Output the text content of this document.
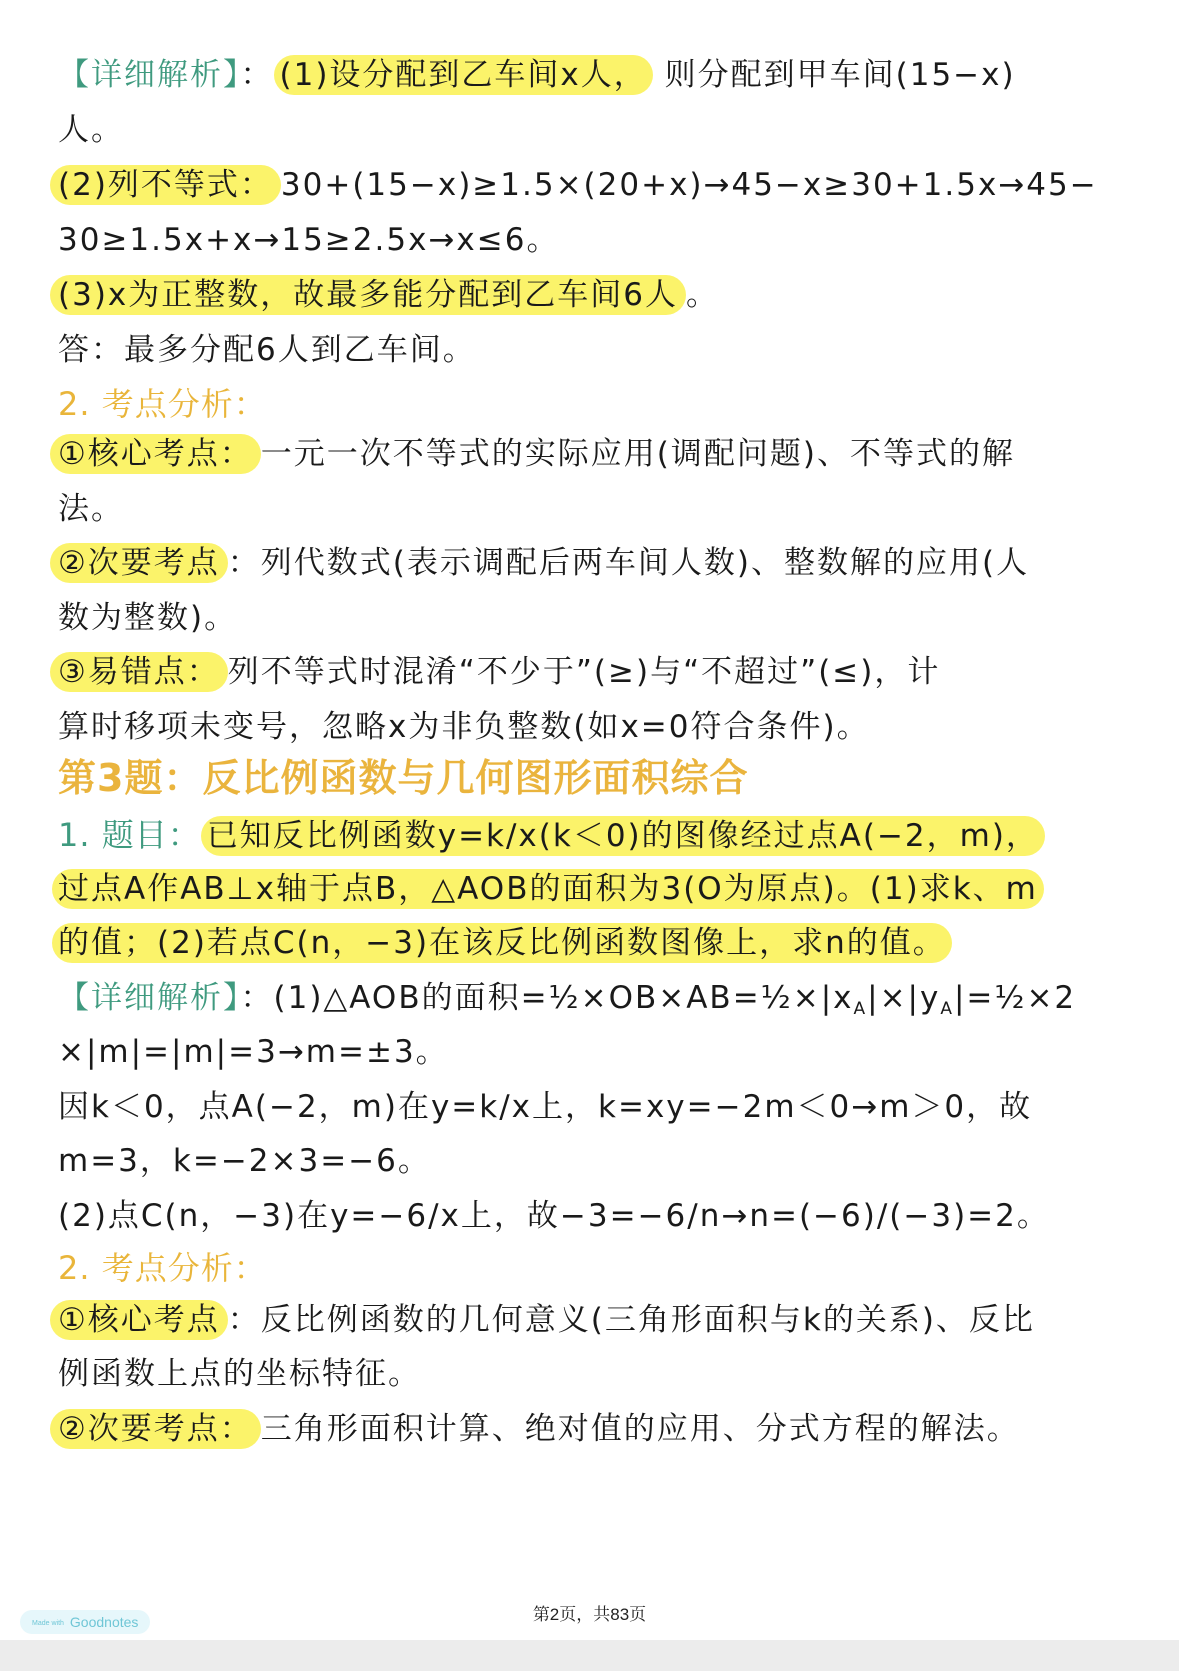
【详细解析】： (1)设分配到乙车间x人， 则分配到甲车间(15−x)
人。
(2)列不等式： 30+(15−x)≥1.5×(20+x)→45−x≥30+1.5x→45−
30≥1.5x+x→15≥2.5x→x≤6。
(3)x为正整数，故最多能分配到乙车间6人 。
答：最多分配6人到乙车间。
2. 考点分析：
①核心考点： 一元一次不等式的实际应用(调配问题)、不等式的解
法。
②次要考点 ：列代数式(表示调配后两车间人数)、整数解的应用(人
数为整数)。
③易错点： 列不等式时混淆“不少于”(≥)与“不超过”(≤)，计
算时移项未变号，忽略x为非负整数(如x=0符合条件)。
第3题：反比例函数与几何图形面积综合
1. 题目： 已知反比例函数y=k/x(k＜0)的图像经过点A(−2，m)，
过点A作AB⊥x轴于点B，△AOB的面积为3(O为原点)。(1)求k、m
的值；(2)若点C(n，−3)在该反比例函数图像上，求n的值。
【详细解析】：(1)△AOB的面积$=\frac{1}{2}\times OB\times AB=\frac{1}{2}\times|x_A|\times|y_A|=\frac{1}{2}\times 2$
×|m|=|m|=3→m=±3。
因k＜0，点A(−2，m)在y=k/x上，k=xy=−2m＜0→m＞0，故
m=3，k=−2×3=−6。
(2)点C(n，−3)在y=−6/x上，故−3=−6/n→n=(−6)/(−3)=2。
2. 考点分析：
①核心考点 ：反比例函数的几何意义(三角形面积与k的关系)、反比
例函数上点的坐标特征。
②次要考点： 三角形面积计算、绝对值的应用、分式方程的解法。
第2页，共83页
Made with Goodnotes
